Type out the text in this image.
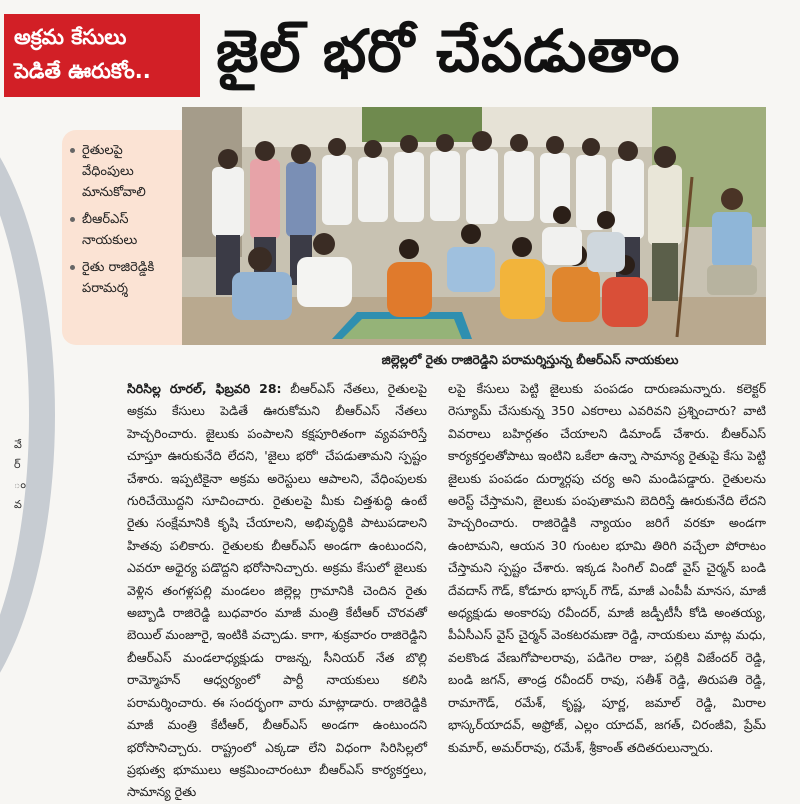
వే
ర్
ం
వ
అక్రమ కేసులు
పెడితే ఊరుకోం..	జైల్ భరో చేపడుతాం
రైతులపై వేధింపులు మానుకోవాలి
బీఆర్ఎస్ నాయకులు
రైతు రాజిరెడ్డికి పరామర్శ
జిల్లెల్లలో రైతు రాజిరెడ్డిని పరామర్శిస్తున్న బీఆర్ఎస్ నాయకులు
సిరిసిల్ల రూరల్, ఫిబ్రవరి 28: బీఆర్ఎస్ నేతలు, రైతులపై అక్రమ కేసులు పెడితే ఊరుకోమని బీఆర్ఎస్ నేతలు హెచ్చరించారు. జైలుకు పంపాలని కక్షపూరితంగా వ్యవహరిస్తే చూస్తూ ఊరుకునేది లేదని, 'జైలు భరో' చేపడుతామని స్పష్టం చేశారు. ఇప్పటికైనా అక్రమ అరెస్టులు ఆపాలని, వేధింపులకు గురిచేయొద్దని సూచించారు. రైతులపై మీకు చిత్తశుద్ధి ఉంటే రైతు సంక్షేమానికి కృషి చేయాలని, అభివృద్ధికి పాటుపడాలని హితవు పలికారు. రైతులకు బీఆర్ఎస్ అండగా ఉంటుందని, ఎవరూ అధైర్య పడొద్దని భరోసానిచ్చారు. అక్రమ కేసులో జైలుకు వెళ్లిన తంగళ్లపల్లి మండలం జిల్లెల్ల గ్రామానికి చెందిన రైతు అబ్బాడి రాజిరెడ్డి బుధవారం మాజీ మంత్రి కేటీఆర్ చొరవతో బెయిల్ మంజూరై, ఇంటికి వచ్చాడు. కాగా, శుక్రవారం రాజిరెడ్డిని బీఆర్ఎస్ మండలాధ్యక్షుడు రాజన్న, సీనియర్ నేత బొల్లి రామ్మోహన్ ఆధ్వర్యంలో పార్టీ నాయకులు కలిసి పరామర్శించారు. ఈ సందర్భంగా వారు మాట్లాడారు. రాజిరెడ్డికి మాజీ మంత్రి కేటీఆర్, బీఆర్ఎస్ అండగా ఉంటుందని భరోసానిచ్చారు. రాష్ట్రంలో ఎక్కడా లేని విధంగా సిరిసిల్లలో ప్రభుత్వ భూములు ఆక్రమించారంటూ బీఆర్ఎస్ కార్యకర్తలు, సామాన్య రైతు
లపై కేసులు పెట్టి జైలుకు పంపడం దారుణమన్నారు. కలెక్టర్ రెస్యూమ్ చేసుకున్న 350 ఎకరాలు ఎవరివని ప్రశ్నించారు? వాటి వివరాలు బహిర్గతం చేయాలని డిమాండ్ చేశారు. బీఆర్ఎస్ కార్యకర్తలతోపాటు ఇంటిని ఒకేలా ఉన్నా సామాన్య రైతుపై కేసు పెట్టి జైలుకు పంపడం దుర్మార్గపు చర్య అని మండిపడ్డారు. రైతులను అరెస్ట్ చేస్తామని, జైలుకు పంపుతామని బెదిరిస్తే ఊరుకునేది లేదని హెచ్చరించారు. రాజిరెడ్డికి న్యాయం జరిగే వరకూ అండగా ఉంటామని, ఆయన 30 గుంటల భూమి తిరిగి వచ్చేలా పోరాటం చేస్తామని స్పష్టం చేశారు. ఇక్కడ సింగిల్ విండో వైస్ చైర్మన్ బండి దేవదాస్ గౌడ్, కోడూరు భాస్కర్ గౌడ్, మాజీ ఎంపీపీ మానస, మాజీ అధ్యక్షుడు అంకారపు రవీందర్, మాజీ జడ్పీటీసీ కోడి అంతయ్య, పీఏసీఎస్ వైస్ చైర్మన్ వెంకటరమణా రెడ్డి, నాయకులు మాట్ల మధు, వలకొండ వేణుగోపాలరావు, పడిగెల రాజు, పల్లికి విజేందర్ రెడ్డి, బండి జగన్, తాండ్ర రవీందర్ రావు, సతీశ్ రెడ్డి, తిరుపతి రెడ్డి, రామాగౌడ్, రమేశ్, కృష్ణ, పూర్ణ, జమాల్ రెడ్డి, మిరాల భాస్కర్‌యాదవ్, అఫ్రోజ్, ఎల్లం యాదవ్, జగత్, చిరంజీవి, ప్రేమ్ కుమార్, అమర్‌రావు, రమేశ్, శ్రీకాంత్ తదితరులున్నారు.
